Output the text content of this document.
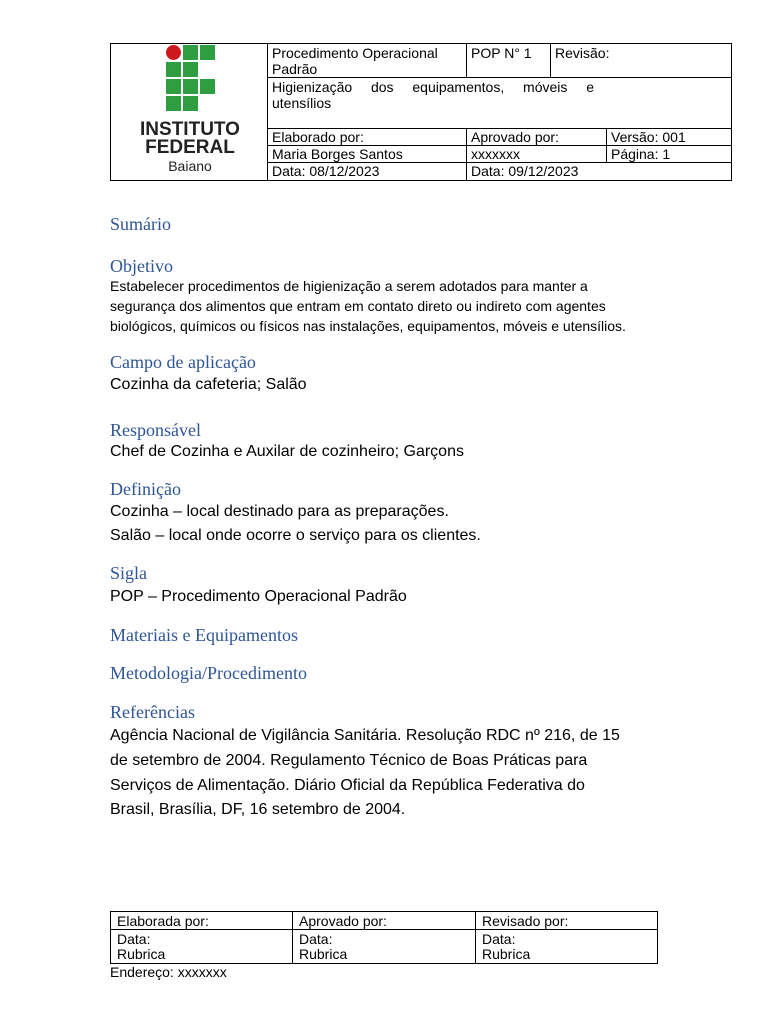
INSTITUTO
FEDERAL
Baiano
Procedimento Operacional Padrão
POP N° 1	Revisão:
Higienização dos equipamentos, móveis e utensílios
Elaborado por:	Aprovado por:	Versão: 001
Maria Borges Santos	xxxxxxx	Página: 1
Data: 08/12/2023	Data: 09/12/2023
Sumário
Objetivo
Estabelecer procedimentos de higienização a serem adotados para manter a
segurança dos alimentos que entram em contato direto ou indireto com agentes
biológicos, químicos ou físicos nas instalações, equipamentos, móveis e utensílios.
Campo de aplicação
Cozinha da cafeteria; Salão
Responsável
Chef de Cozinha e Auxilar de cozinheiro; Garçons
Definição
Cozinha – local destinado para as preparações.
Salão – local onde ocorre o serviço para os clientes.
Sigla
POP – Procedimento Operacional Padrão
Materiais e Equipamentos
Metodologia/Procedimento
Referências
Agência Nacional de Vigilância Sanitária. Resolução RDC nº 216, de 15
de setembro de 2004. Regulamento Técnico de Boas Práticas para
Serviços de Alimentação. Diário Oficial da República Federativa do
Brasil, Brasília, DF, 16 setembro de 2004.
Elaborada por:	Aprovado por:	Revisado por:
Data:	Data:	Data:
Rubrica	Rubrica	Rubrica
Endereço: xxxxxxx
